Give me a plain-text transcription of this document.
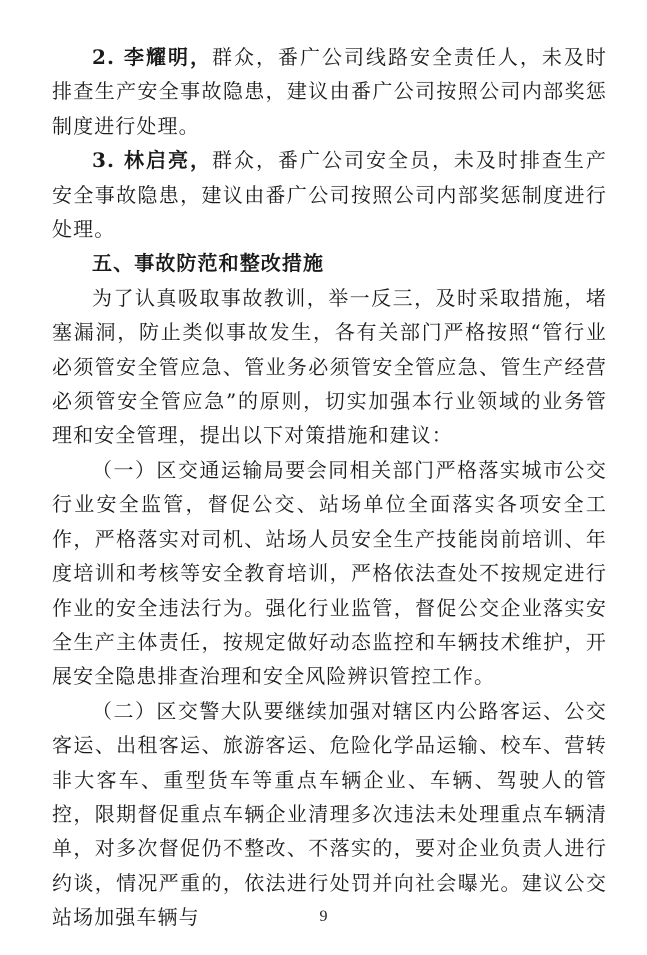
2. 李耀明，群众，番广公司线路安全责任人，未及时排查生产安全事故隐患，建议由番广公司按照公司内部奖惩制度进行处理。

3. 林启亮，群众，番广公司安全员，未及时排查生产安全事故隐患，建议由番广公司按照公司内部奖惩制度进行处理。

五、事故防范和整改措施

为了认真吸取事故教训，举一反三，及时采取措施，堵塞漏洞，防止类似事故发生，各有关部门严格按照“管行业必须管安全管应急、管业务必须管安全管应急、管生产经营必须管安全管应急”的原则，切实加强本行业领域的业务管理和安全管理，提出以下对策措施和建议：

（一）区交通运输局要会同相关部门严格落实城市公交行业安全监管，督促公交、站场单位全面落实各项安全工作，严格落实对司机、站场人员安全生产技能岗前培训、年度培训和考核等安全教育培训，严格依法查处不按规定进行作业的安全违法行为。强化行业监管，督促公交企业落实安全生产主体责任，按规定做好动态监控和车辆技术维护，开展安全隐患排查治理和安全风险辨识管控工作。

（二）区交警大队要继续加强对辖区内公路客运、公交客运、出租客运、旅游客运、危险化学品运输、校车、营转非大客车、重型货车等重点车辆企业、车辆、驾驶人的管控，限期督促重点车辆企业清理多次违法未处理重点车辆清单，对多次督促仍不整改、不落实的，要对企业负责人进行约谈，情况严重的，依法进行处罚并向社会曝光。建议公交站场加强车辆与	9
